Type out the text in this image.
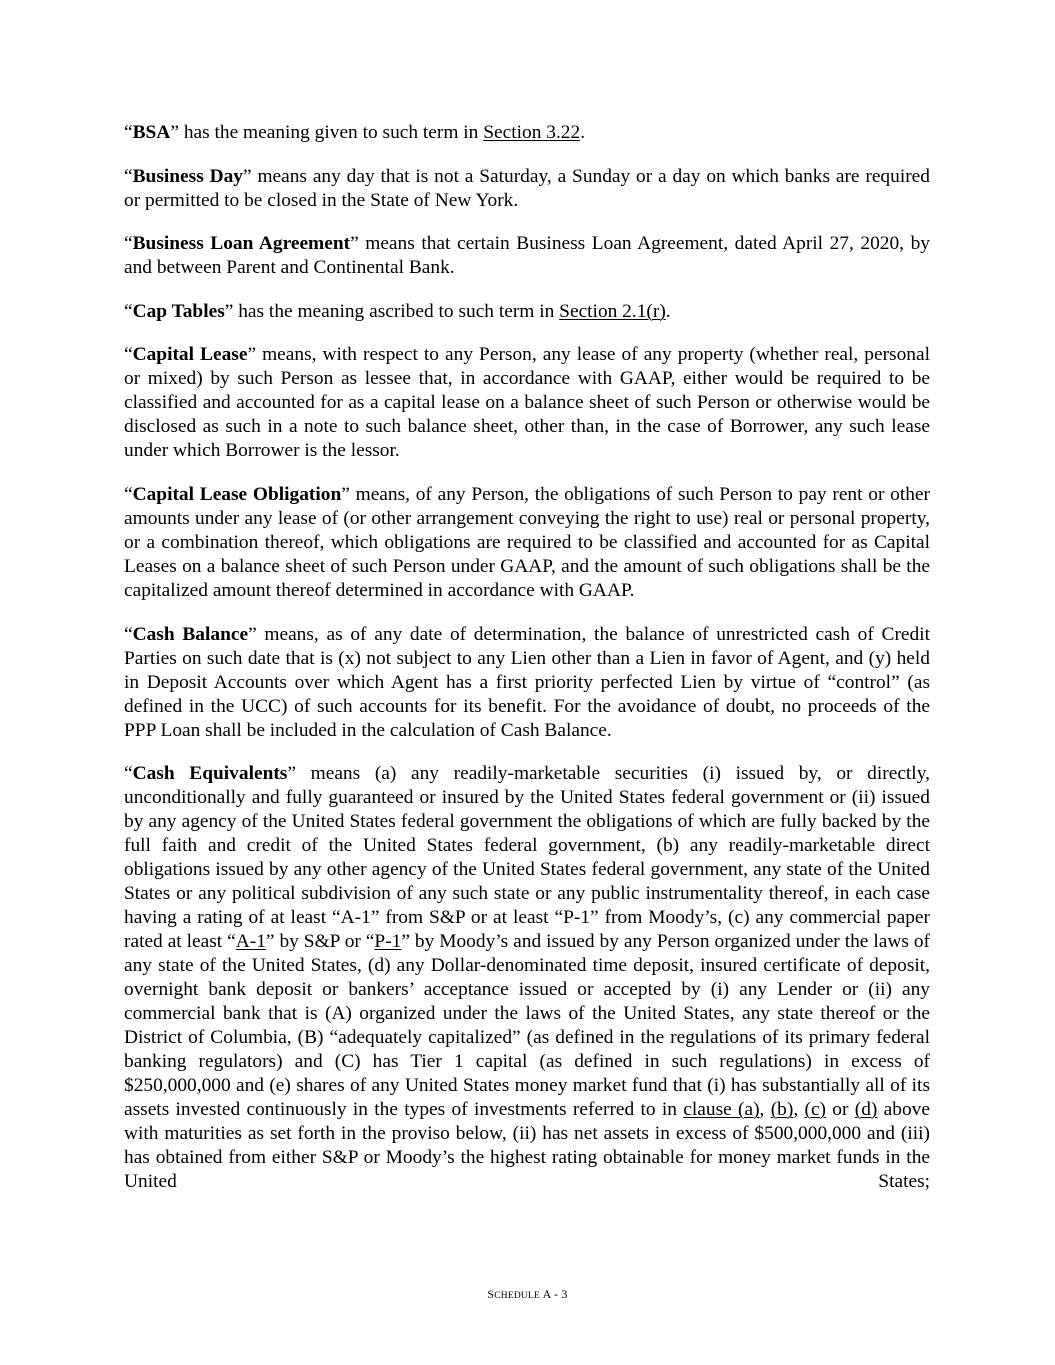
“BSA” has the meaning given to such term in Section 3.22.

“Business Day” means any day that is not a Saturday, a Sunday or a day on which banks are required or permitted to be closed in the State of New York.

“Business Loan Agreement” means that certain Business Loan Agreement, dated April 27, 2020, by and between Parent and Continental Bank.

“Cap Tables” has the meaning ascribed to such term in Section 2.1(r).

“Capital Lease” means, with respect to any Person, any lease of any property (whether real, personal or mixed) by such Person as lessee that, in accordance with GAAP, either would be required to be classified and accounted for as a capital lease on a balance sheet of such Person or otherwise would be disclosed as such in a note to such balance sheet, other than, in the case of Borrower, any such lease under which Borrower is the lessor.

“Capital Lease Obligation” means, of any Person, the obligations of such Person to pay rent or other amounts under any lease of (or other arrangement conveying the right to use) real or personal property, or a combination thereof, which obligations are required to be classified and accounted for as Capital Leases on a balance sheet of such Person under GAAP, and the amount of such obligations shall be the capitalized amount thereof determined in accordance with GAAP.

“Cash Balance” means, as of any date of determination, the balance of unrestricted cash of Credit Parties on such date that is (x) not subject to any Lien other than a Lien in favor of Agent, and (y) held in Deposit Accounts over which Agent has a first priority perfected Lien by virtue of “control” (as defined in the UCC) of such accounts for its benefit. For the avoidance of doubt, no proceeds of the PPP Loan shall be included in the calculation of Cash Balance.

“Cash Equivalents” means (a) any readily-marketable securities (i) issued by, or directly, unconditionally and fully guaranteed or insured by the United States federal government or (ii) issued by any agency of the United States federal government the obligations of which are fully backed by the full faith and credit of the United States federal government, (b) any readily-marketable direct obligations issued by any other agency of the United States federal government, any state of the United States or any political subdivision of any such state or any public instrumentality thereof, in each case having a rating of at least “A-1” from S&P or at least “P-1” from Moody’s, (c) any commercial paper rated at least “A-1” by S&P or “P-1” by Moody’s and issued by any Person organized under the laws of any state of the United States, (d) any Dollar-denominated time deposit, insured certificate of deposit, overnight bank deposit or bankers’ acceptance issued or accepted by (i) any Lender or (ii) any commercial bank that is (A) organized under the laws of the United States, any state thereof or the District of Columbia, (B) “adequately capitalized” (as defined in the regulations of its primary federal banking regulators) and (C) has Tier 1 capital (as defined in such regulations) in excess of $250,000,000 and (e) shares of any United States money market fund that (i) has substantially all of its assets invested continuously in the types of investments referred to in clause (a), (b), (c) or (d) above with maturities as set forth in the proviso below, (ii) has net assets in excess of $500,000,000 and (iii) has obtained from either S&P or Moody’s the highest rating obtainable for money market funds in the United States;

SCHEDULE A - 3
